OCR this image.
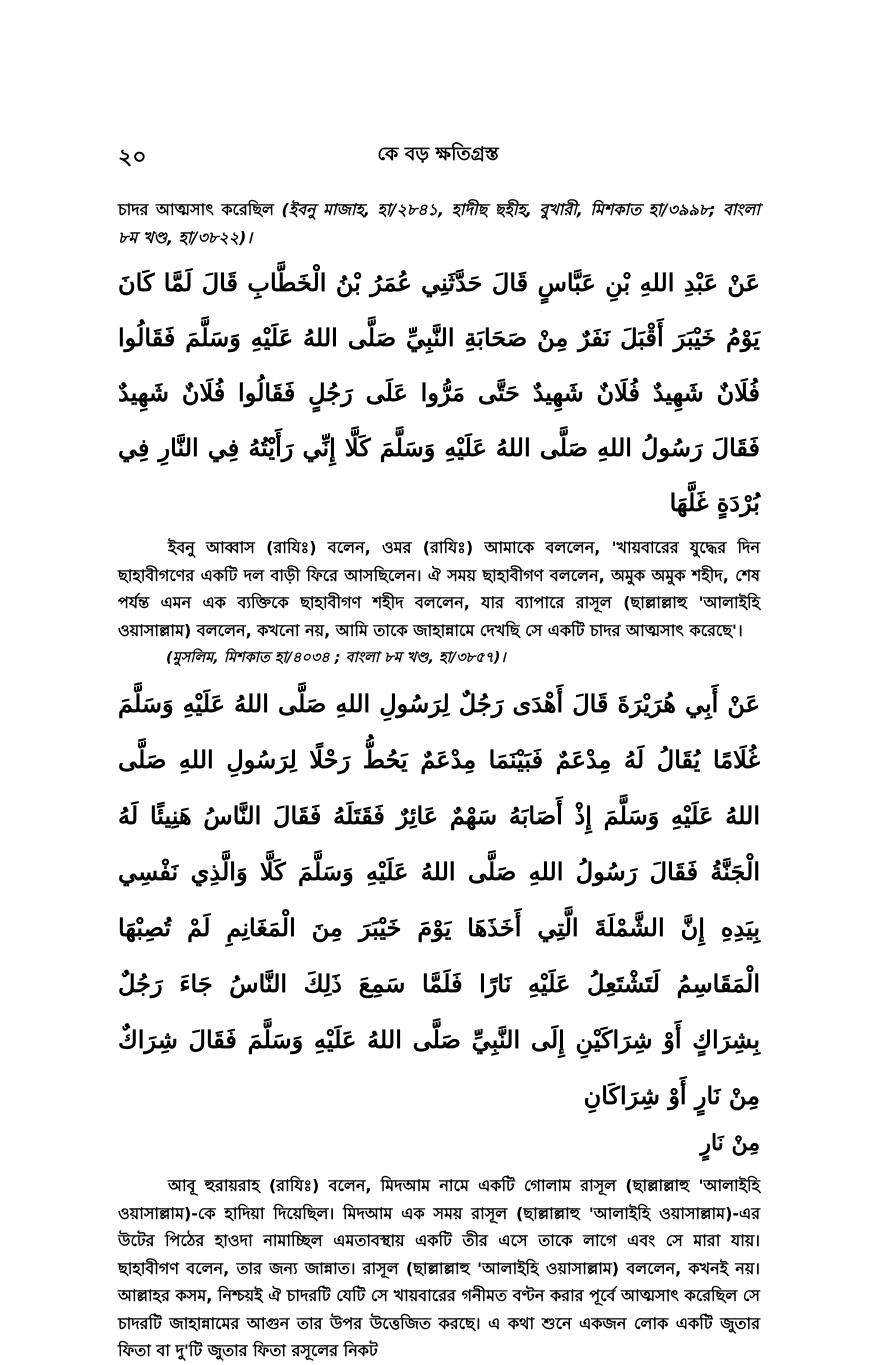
২০	কে বড় ক্ষতিগ্রস্ত

চাদর আত্মসাৎ করেছিল (ইবনু মাজাহ, হা/২৮৪১, হাদীছ ছহীহ, বুখারী, মিশকাত হা/৩৯৯৮; বাংলা ৮ম খণ্ড, হা/৩৮২২)।

عَنْ عَبْدِ اللهِ بْنِ عَبَّاسٍ قَالَ حَدَّثَنِي عُمَرُ بْنُ الْخَطَّابِ قَالَ لَمَّا كَانَ يَوْمُ خَيْبَرَ أَقْبَلَ نَفَرٌ مِنْ صَحَابَةِ النَّبِيِّ صَلَّى اللهُ عَلَيْهِ وَسَلَّمَ فَقَالُوا فُلَانٌ شَهِيدٌ فُلَانٌ شَهِيدٌ حَتَّى مَرُّوا عَلَى رَجُلٍ فَقَالُوا فُلَانٌ شَهِيدٌ فَقَالَ رَسُولُ اللهِ صَلَّى اللهُ عَلَيْهِ وَسَلَّمَ كَلَّا إِنِّي رَأَيْتُهُ فِي النَّارِ فِي بُرْدَةٍ غَلَّهَا

ইবনু আব্বাস (রাযিঃ) বলেন, ওমর (রাযিঃ) আমাকে বললেন, 'খায়বারের যুদ্ধের দিন ছাহাবীগণের একটি দল বাড়ী ফিরে আসছিলেন। ঐ সময় ছাহাবীগণ বললেন, অমুক অমুক শহীদ, শেষ পর্যন্ত এমন এক ব্যক্তিকে ছাহাবীগণ শহীদ বললেন, যার ব্যাপারে রাসূল (ছাল্লাল্লাহু 'আলাইহি ওয়াসাল্লাম) বললেন, কখনো নয়, আমি তাকে জাহান্নামে দেখছি সে একটি চাদর আত্মসাৎ করেছে'।

(মুসলিম, মিশকাত হা/৪০৩৪ ; বাংলা ৮ম খণ্ড, হা/৩৮৫৭)।

عَنْ أَبِي هُرَيْرَةَ قَالَ أَهْدَى رَجُلٌ لِرَسُولِ اللهِ صَلَّى اللهُ عَلَيْهِ وَسَلَّمَ غُلَامًا يُقَالُ لَهُ مِدْعَمٌ فَبَيْنَمَا مِدْعَمٌ يَحُطُّ رَحْلًا لِرَسُولِ اللهِ صَلَّى اللهُ عَلَيْهِ وَسَلَّمَ إِذْ أَصَابَهُ سَهْمٌ عَائِرٌ فَقَتَلَهُ فَقَالَ النَّاسُ هَنِيئًا لَهُ الْجَنَّةُ فَقَالَ رَسُولُ اللهِ صَلَّى اللهُ عَلَيْهِ وَسَلَّمَ كَلَّا وَالَّذِي نَفْسِي بِيَدِهِ إِنَّ الشَّمْلَةَ الَّتِي أَخَذَهَا يَوْمَ خَيْبَرَ مِنَ الْمَغَانِمِ لَمْ تُصِبْهَا الْمَقَاسِمُ لَتَشْتَعِلُ عَلَيْهِ نَارًا فَلَمَّا سَمِعَ ذَلِكَ النَّاسُ جَاءَ رَجُلٌ بِشِرَاكٍ أَوْ شِرَاكَيْنِ إِلَى النَّبِيِّ صَلَّى اللهُ عَلَيْهِ وَسَلَّمَ فَقَالَ شِرَاكٌ مِنْ نَارٍ أَوْ شِرَاكَانِ

مِنْ نَارٍ

আবূ হুরায়রাহ (রাযিঃ) বলেন, মিদআম নামে একটি গোলাম রাসূল (ছাল্লাল্লাহু 'আলাইহি ওয়াসাল্লাম)-কে হাদিয়া দিয়েছিল। মিদআম এক সময় রাসূল (ছাল্লাল্লাহু 'আলাইহি ওয়াসাল্লাম)-এর উটের পিঠের হাওদা নামাচ্ছিল এমতাবস্থায় একটি তীর এসে তাকে লাগে এবং সে মারা যায়। ছাহাবীগণ বলেন, তার জন্য জান্নাত। রাসূল (ছাল্লাল্লাহু 'আলাইহি ওয়াসাল্লাম) বললেন, কখনই নয়। আল্লাহর কসম, নিশ্চয়ই ঐ চাদরটি যেটি সে খায়বারের গনীমত বণ্টন করার পূর্বে আত্মসাৎ করেছিল সে চাদরটি জাহান্নামের আগুন তার উপর উত্তেজিত করছে। এ কথা শুনে একজন লোক একটি জুতার ফিতা বা দু'টি জুতার ফিতা রসূলের নিকট
